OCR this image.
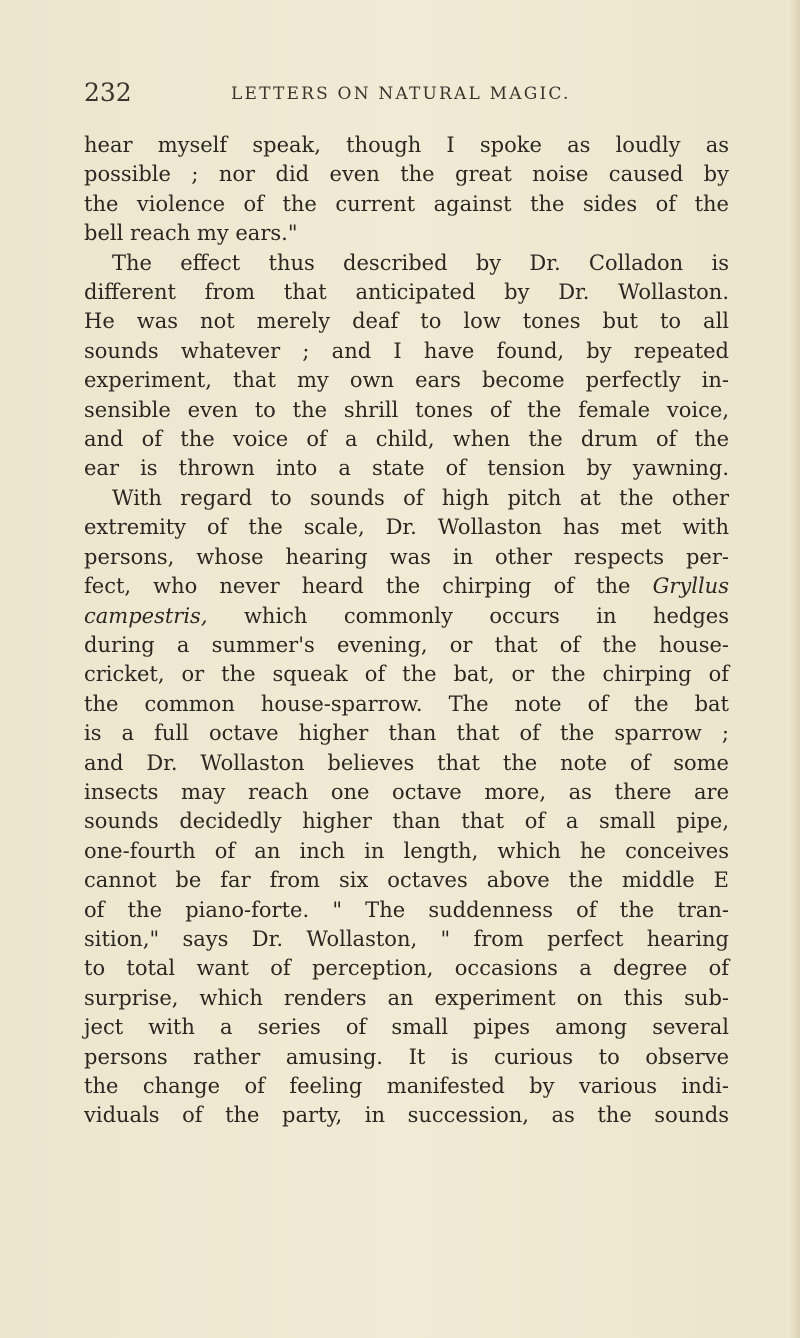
232	LETTERS ON NATURAL MAGIC.
hear myself speak, though I spoke as loudly as
possible ; nor did even the great noise caused by
the violence of the current against the sides of the
bell reach my ears."
The effect thus described by Dr. Colladon is
different from that anticipated by Dr. Wollaston.
He was not merely deaf to low tones but to all
sounds whatever ; and I have found, by repeated
experiment, that my own ears become perfectly in-
sensible even to the shrill tones of the female voice,
and of the voice of a child, when the drum of the
ear is thrown into a state of tension by yawning.
With regard to sounds of high pitch at the other
extremity of the scale, Dr. Wollaston has met with
persons, whose hearing was in other respects per-
fect, who never heard the chirping of the Gryllus
campestris, which commonly occurs in hedges
during a summer's evening, or that of the house-
cricket, or the squeak of the bat, or the chirping of
the common house-sparrow. The note of the bat
is a full octave higher than that of the sparrow ;
and Dr. Wollaston believes that the note of some
insects may reach one octave more, as there are
sounds decidedly higher than that of a small pipe,
one-fourth of an inch in length, which he conceives
cannot be far from six octaves above the middle E
of the piano-forte. " The suddenness of the tran-
sition," says Dr. Wollaston, " from perfect hearing
to total want of perception, occasions a degree of
surprise, which renders an experiment on this sub-
ject with a series of small pipes among several
persons rather amusing. It is curious to observe
the change of feeling manifested by various indi-
viduals of the party, in succession, as the sounds
